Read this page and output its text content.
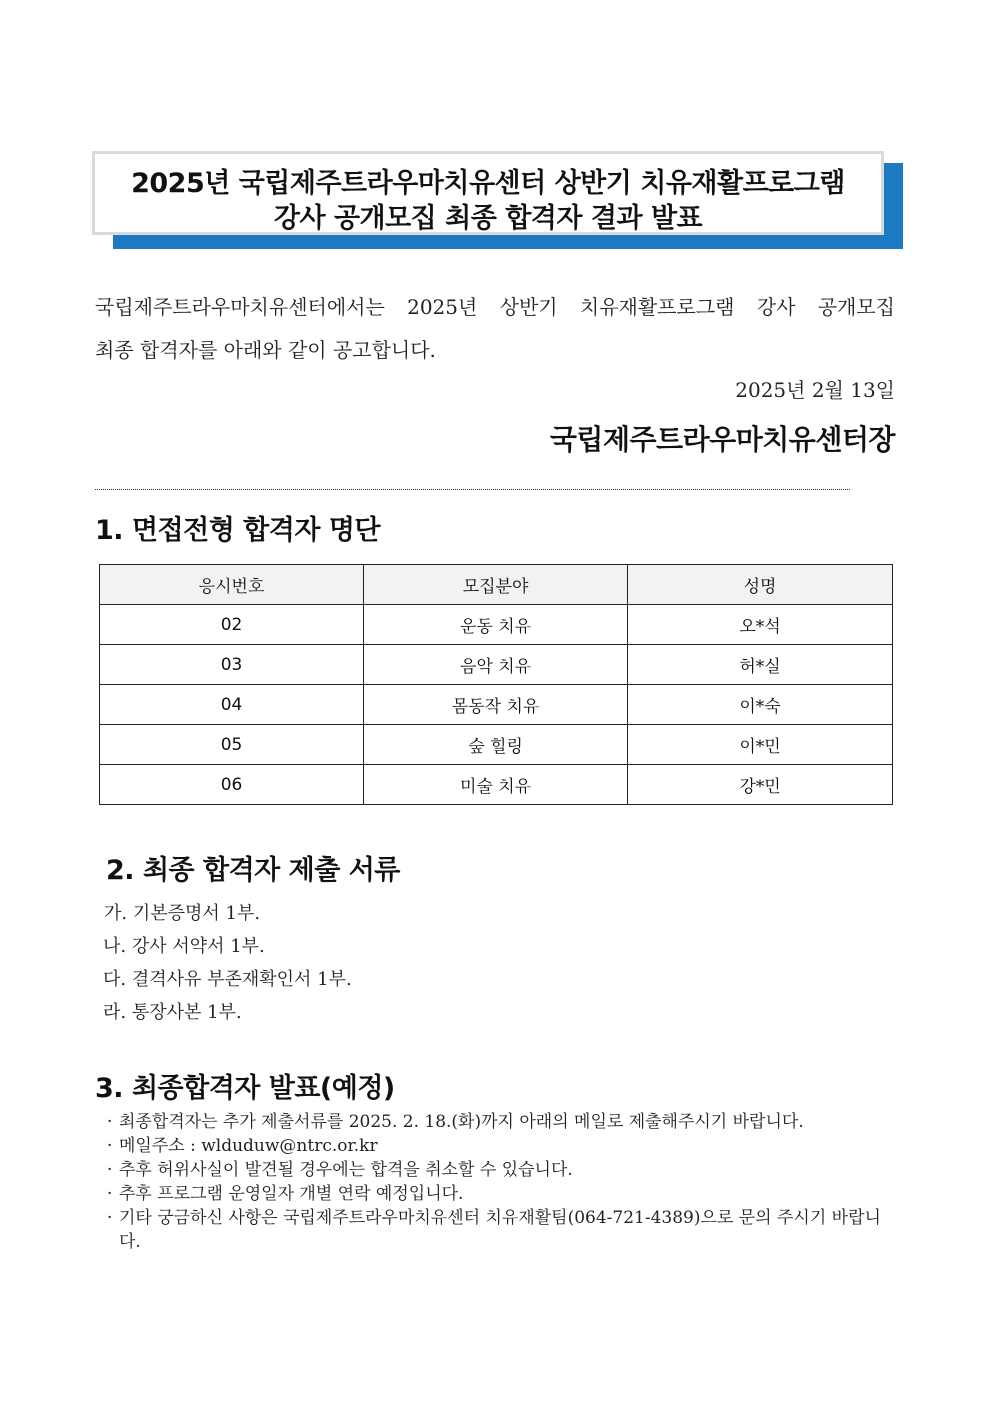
2025년 국립제주트라우마치유센터 상반기 치유재활프로그램
강사 공개모집 최종 합격자 결과 발표
국립제주트라우마치유센터에서는 2025년 상반기 치유재활프로그램 강사 공개모집
최종 합격자를 아래와 같이 공고합니다.
2025년 2월 13일
국립제주트라우마치유센터장
1. 면접전형 합격자 명단
응시번호	모집분야	성명
02	운동 치유	오*석
03	음악 치유	허*실
04	몸동작 치유	이*숙
05	숲 힐링	이*민
06	미술 치유	강*민
2. 최종 합격자 제출 서류
가. 기본증명서 1부.
나. 강사 서약서 1부.
다. 결격사유 부존재확인서 1부.
라. 통장사본 1부.
3. 최종합격자 발표(예정)
· 최종합격자는 추가 제출서류를 2025. 2. 18.(화)까지 아래의 메일로 제출해주시기 바랍니다.
· 메일주소 : wlduduw@ntrc.or.kr
· 추후 허위사실이 발견될 경우에는 합격을 취소할 수 있습니다.
· 추후 프로그램 운영일자 개별 연락 예정입니다.
· 기타 궁금하신 사항은 국립제주트라우마치유센터 치유재활팀(064-721-4389)으로 문의 주시기 바랍니다.
